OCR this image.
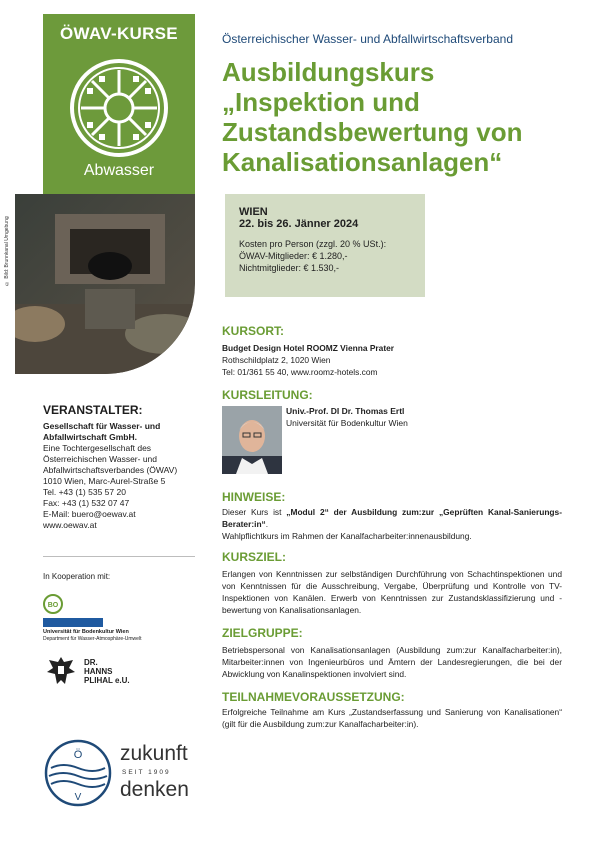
ÖWAV-KURSE
Abwasser
© Bild: Brunnkanal Umgebung
VERANSTALTER:
Gesellschaft für Wasser- und
Abfallwirtschaft GmbH.
Eine Tochtergesellschaft des
Österreichischen Wasser- und
Abfallwirtschaftsverbandes (ÖWAV)
1010 Wien, Marc-Aurel-Straße 5
Tel. +43 (1) 535 57 20
Fax: +43 (1) 532 07 47
E-Mail: buero@oewav.at
www.oewav.at
In Kooperation mit:
BO
Universität für Bodenkultur Wien
Department für Wasser-Atmosphäre-Umwelt
DR.
HANNS
PLIHAL e.U.
Ö
V
zukunft
SEIT 1909
denken
Österreichischer Wasser- und Abfallwirtschaftsverband
Ausbildungskurs
„Inspektion und
Zustandsbewertung von
Kanalisationsanlagen“
WIEN
22. bis 26. Jänner 2024
Kosten pro Person (zzgl. 20 % USt.):
ÖWAV-Mitglieder: € 1.280,-
Nichtmitglieder: € 1.530,-
KURSORT:
Budget Design Hotel ROOMZ Vienna Prater
Rothschildplatz 2, 1020 Wien
Tel: 01/361 55 40, www.roomz-hotels.com
KURSLEITUNG:
Univ.-Prof. DI Dr. Thomas Ertl
Universität für Bodenkultur Wien
HINWEISE:
Dieser Kurs ist „Modul 2“ der Ausbildung zum:zur „Geprüften Kanal-Sanierungs-Berater:in“.
Wahlpflichtkurs im Rahmen der Kanalfacharbeiter:innenausbildung.
KURSZIEL:
Erlangen von Kenntnissen zur selbständigen Durchführung von Schachtinspektionen und von Kenntnissen für die Ausschreibung, Vergabe, Überprüfung und Kontrolle von TV-Inspektionen von Kanälen. Erwerb von Kenntnissen zur Zustandsklassifizierung und -bewertung von Kanalisationsanlagen.
ZIELGRUPPE:
Betriebspersonal von Kanalisationsanlagen (Ausbildung zum:zur Kanalfacharbeiter:in), Mitarbeiter:innen von Ingenieurbüros und Ämtern der Landesregierungen, die bei der Abwicklung von Kanalinspektionen involviert sind.
TEILNAHMEVORAUSSETZUNG:
Erfolgreiche Teilnahme am Kurs „Zustandserfassung und Sanierung von Kanalisationen“ (gilt für die Ausbildung zum:zur Kanalfacharbeiter:in).
